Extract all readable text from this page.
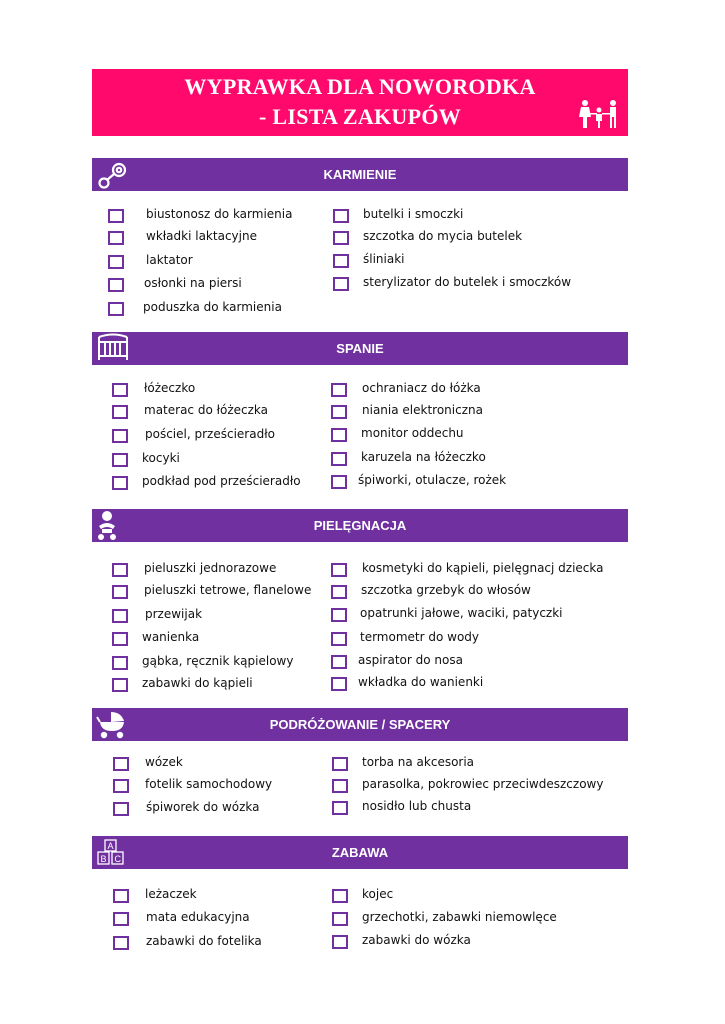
WYPRAWKA DLA NOWORODKA
- LISTA ZAKUPÓW
KARMIENIE
biustonosz do karmienia
wkładki laktacyjne
laktator
osłonki na piersi
poduszka do karmienia
butelki i smoczki
szczotka do mycia butelek
śliniaki
sterylizator do butelek i smoczków
SPANIE
łóżeczko
materac do łóżeczka
pościel, prześcieradło
kocyki
podkład pod prześcieradło
ochraniacz do łóżka
niania elektroniczna
monitor oddechu
karuzela na łóżeczko
śpiworki, otulacze, rożek
PIELĘGNACJA
pieluszki jednorazowe
pieluszki tetrowe, flanelowe
przewijak
wanienka
gąbka, ręcznik kąpielowy
zabawki do kąpieli
kosmetyki do kąpieli, pielęgnacj dziecka
szczotka grzebyk do włosów
opatrunki jałowe, waciki, patyczki
termometr do wody
aspirator do nosa
wkładka do wanienki
PODRÓŻOWANIE / SPACERY
wózek
fotelik samochodowy
śpiworek do wózka
torba na akcesoria
parasolka, pokrowiec przeciwdeszczowy
nosidło lub chusta
A
B C	ZABAWA
leżaczek
mata edukacyjna
zabawki do fotelika
kojec
grzechotki, zabawki niemowlęce
zabawki do wózka
